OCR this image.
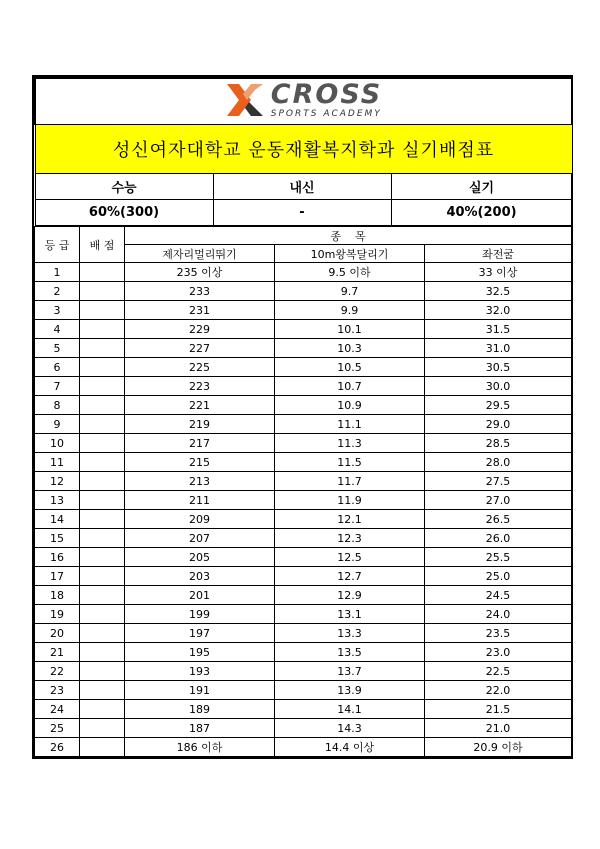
CROSS
SPORTS ACADEMY		

성신여자대학교 운동재활복지학과 실기배점표		
수능	내신	실기
60%(300)	-	40%(200)
등 급	배 점	종    목		
		제자리멀리뛰기	10m왕복달리기	좌전굴
1		235 이상	9.5 이하	33 이상
2		233	9.7	32.5
3		231	9.9	32.0
4		229	10.1	31.5
5		227	10.3	31.0
6		225	10.5	30.5
7		223	10.7	30.0
8		221	10.9	29.5
9		219	11.1	29.0
10		217	11.3	28.5
11		215	11.5	28.0
12		213	11.7	27.5
13		211	11.9	27.0
14		209	12.1	26.5
15		207	12.3	26.0
16		205	12.5	25.5
17		203	12.7	25.0
18		201	12.9	24.5
19		199	13.1	24.0
20		197	13.3	23.5
21		195	13.5	23.0
22		193	13.7	22.5
23		191	13.9	22.0
24		189	14.1	21.5
25		187	14.3	21.0
26		186 이하	14.4 이상	20.9 이하
